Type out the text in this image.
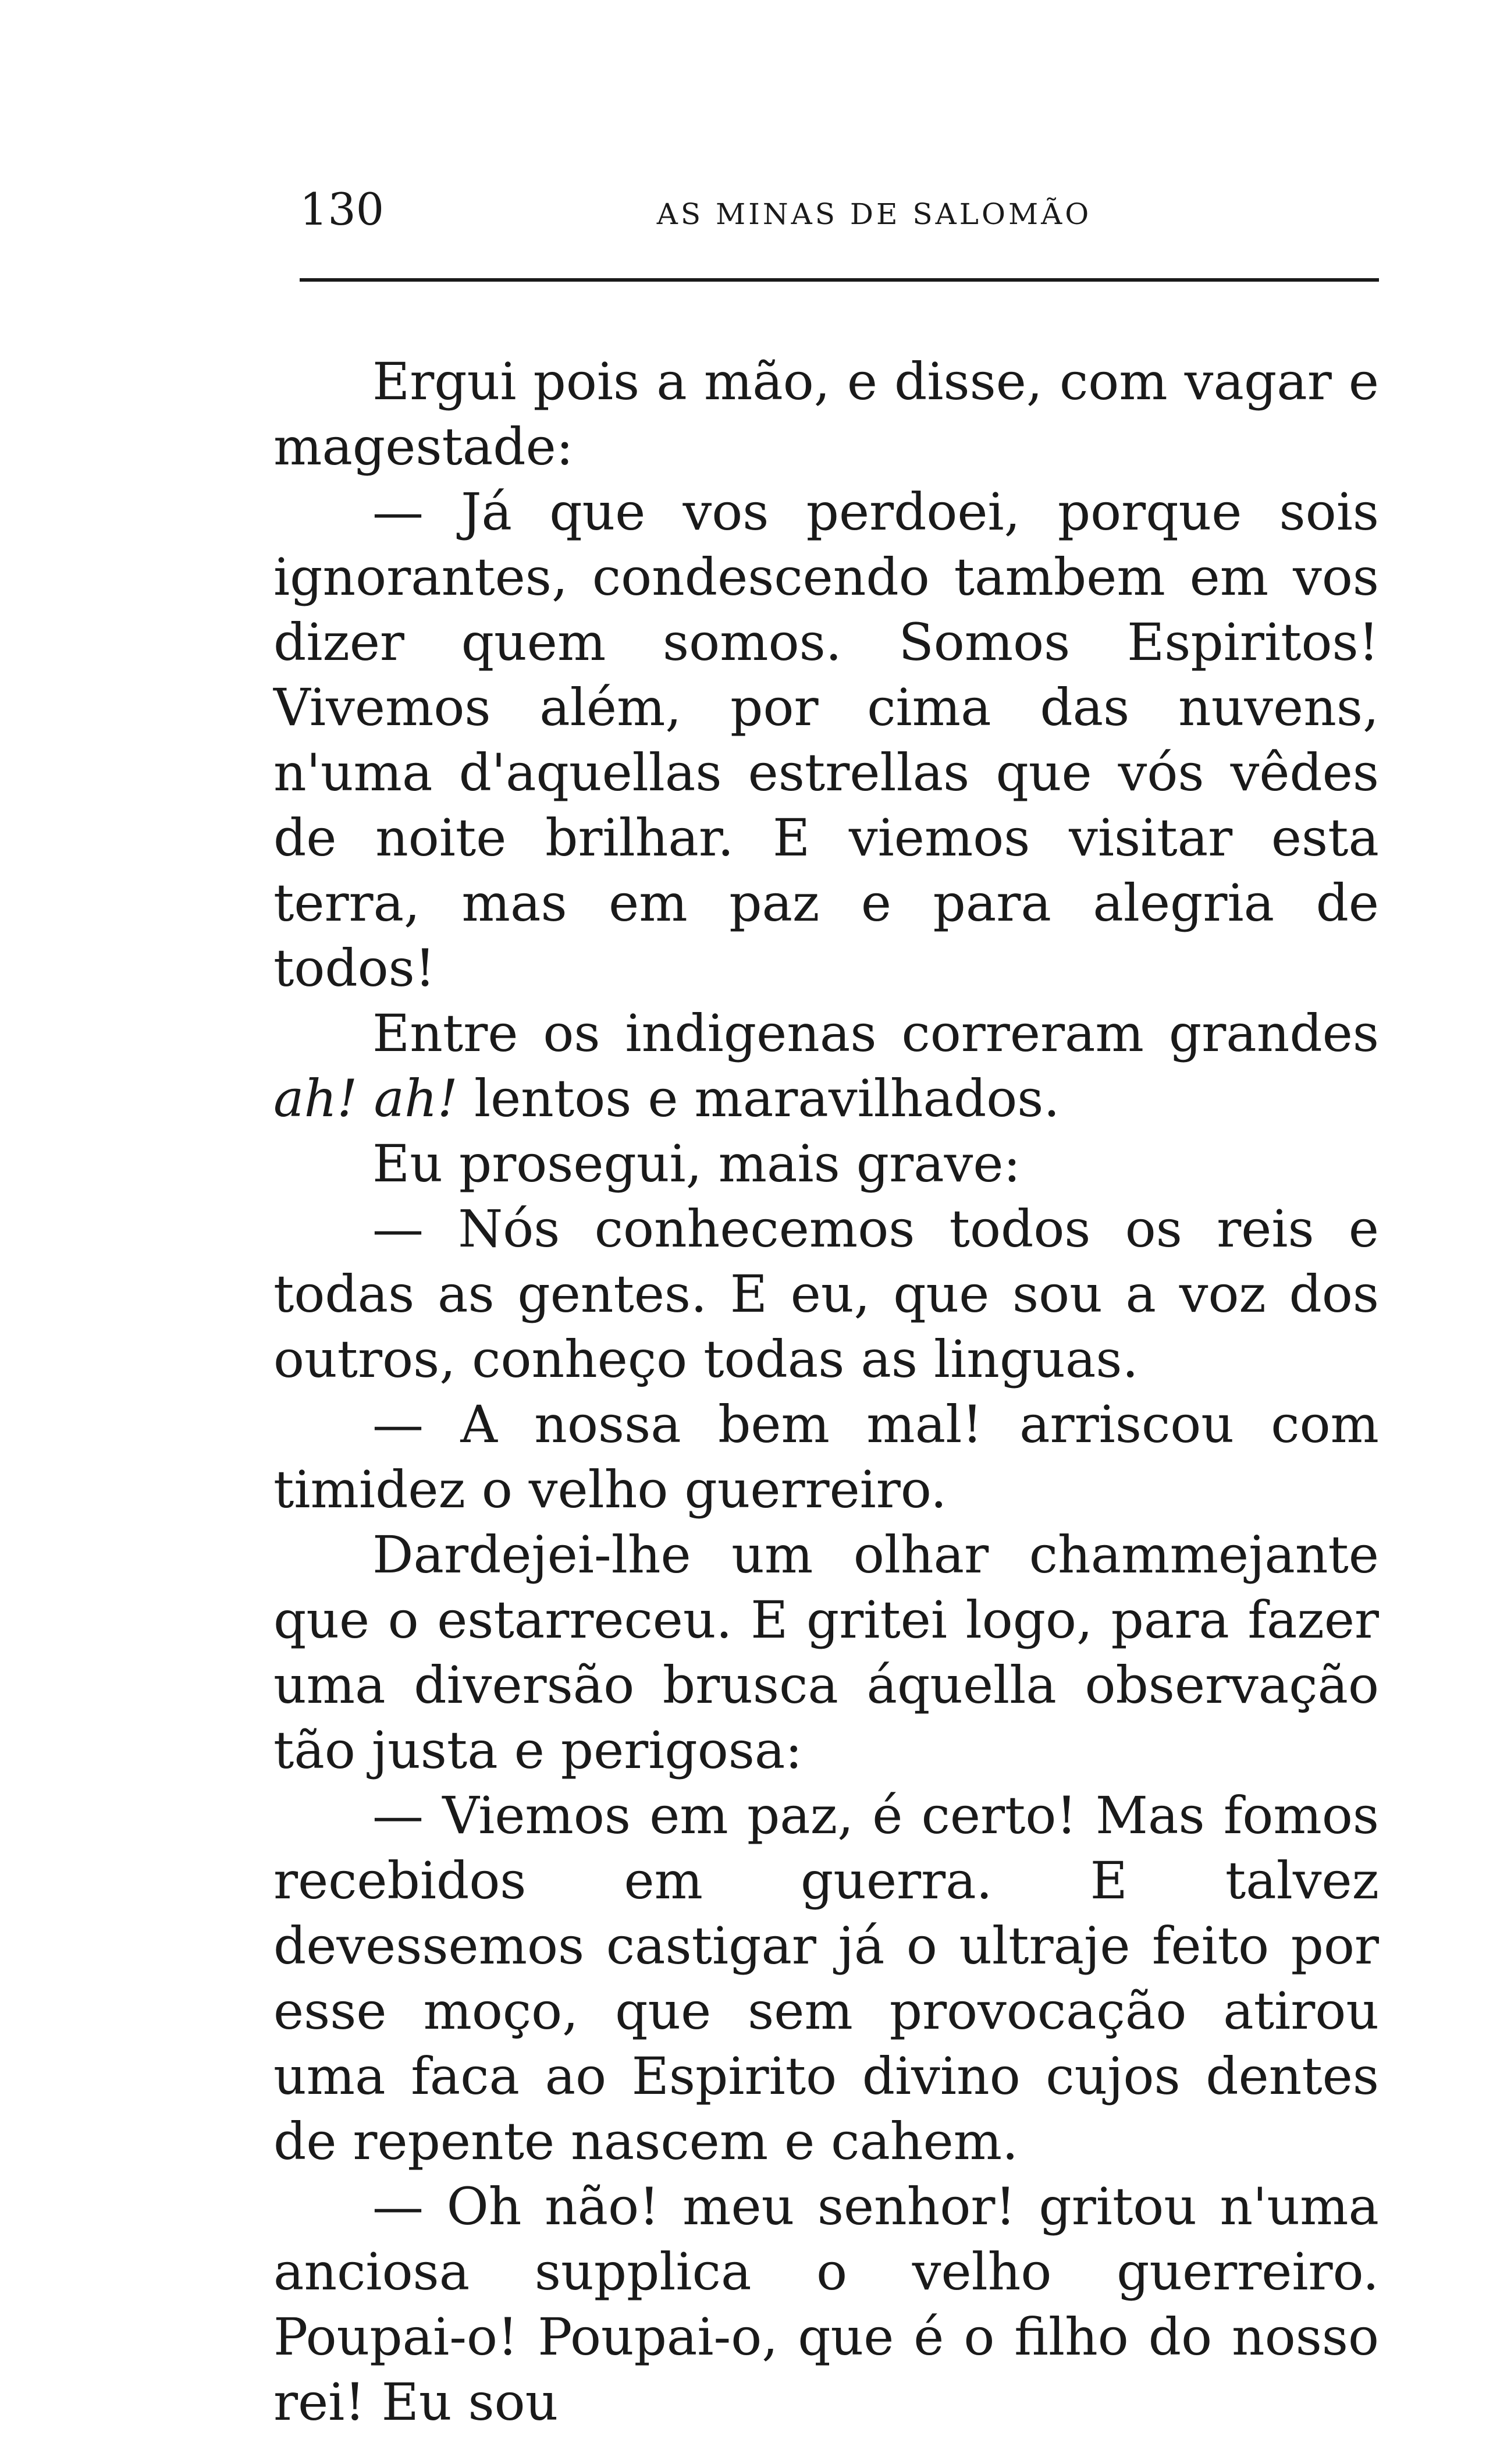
130	AS MINAS DE SALOMÃO

Ergui pois a mão, e disse, com vagar e magestade:

— Já que vos perdoei, porque sois ignorantes, condescendo tambem em vos dizer quem somos. Somos Espiritos! Vivemos além, por cima das nuvens, n'uma d'aquellas estrellas que vós vêdes de noite brilhar. E viemos visitar esta terra, mas em paz e para alegria de todos!

Entre os indigenas correram grandes ah! ah! lentos e maravilhados.

Eu prosegui, mais grave:

— Nós conhecemos todos os reis e todas as gentes. E eu, que sou a voz dos outros, conheço todas as linguas.

— A nossa bem mal! arriscou com timidez o velho guerreiro.

Dardejei-lhe um olhar chammejante que o estarreceu. E gritei logo, para fazer uma diversão brusca áquella observação tão justa e perigosa:

— Viemos em paz, é certo! Mas fomos recebidos em guerra. E talvez devessemos castigar já o ultraje feito por esse moço, que sem provocação atirou uma faca ao Espirito divino cujos dentes de repente nascem e cahem.

— Oh não! meu senhor! gritou n'uma anciosa supplica o velho guerreiro. Poupai-o! Poupai-o, que é o filho do nosso rei! Eu sou
